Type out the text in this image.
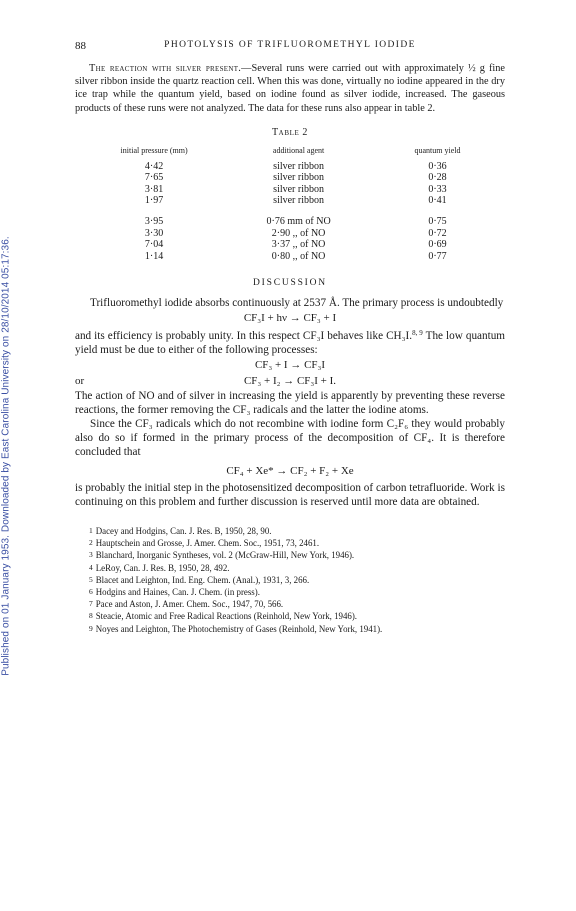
Published on 01 January 1953. Downloaded by East Carolina University on 28/10/2014 05:17:36.
88	PHOTOLYSIS OF TRIFLUOROMETHYL IODIDE

The reaction with silver present.—Several runs were carried out with approximately ½ g fine silver ribbon inside the quartz reaction cell. When this was done, virtually no iodine appeared in the dry ice trap while the quantum yield, based on iodine found as silver iodide, increased. The gaseous products of these runs were not analyzed. The data for these runs also appear in table 2.

Table 2
initial pressure (mm)	additional agent	quantum yield
4·42	silver ribbon	0·36
7·65	silver ribbon	0·28
3·81	silver ribbon	0·33
1·97	silver ribbon	0·41

3·95	0·76 mm of NO	0·75
3·30	2·90 ,, of NO	0·72
7·04	3·37 ,, of NO	0·69
1·14	0·80 ,, of NO	0·77
DISCUSSION

Trifluoromethyl iodide absorbs continuously at 2537 Å. The primary process is undoubtedly

CF₃I + hν → CF₃ + I

and its efficiency is probably unity. In this respect CF₃I behaves like CH₃I.$^{8, 9}$ The low quantum yield must be due to either of the following processes:

CF₃ + I → CF₃I
or	CF₃ + I₂ → CF₃I + I.

The action of NO and of silver in increasing the yield is apparently by preventing these reverse reactions, the former removing the CF₃ radicals and the latter the iodine atoms.

Since the CF₃ radicals which do not recombine with iodine form C₂F₆ they would probably also do so if formed in the primary process of the decomposition of CF₄. It is therefore concluded that

CF₄ + Xe* → CF₂ + F₂ + Xe

is probably the initial step in the photosensitized decomposition of carbon tetrafluoride. Work is continuing on this problem and further discussion is reserved until more data are obtained.

1 Dacey and Hodgins, Can. J. Res. B, 1950, 28, 90.
2 Hauptschein and Grosse, J. Amer. Chem. Soc., 1951, 73, 2461.
3 Blanchard, Inorganic Syntheses, vol. 2 (McGraw-Hill, New York, 1946).
4 LeRoy, Can. J. Res. B, 1950, 28, 492.
5 Blacet and Leighton, Ind. Eng. Chem. (Anal.), 1931, 3, 266.
6 Hodgins and Haines, Can. J. Chem. (in press).
7 Pace and Aston, J. Amer. Chem. Soc., 1947, 70, 566.
8 Steacie, Atomic and Free Radical Reactions (Reinhold, New York, 1946).
9 Noyes and Leighton, The Photochemistry of Gases (Reinhold, New York, 1941).
